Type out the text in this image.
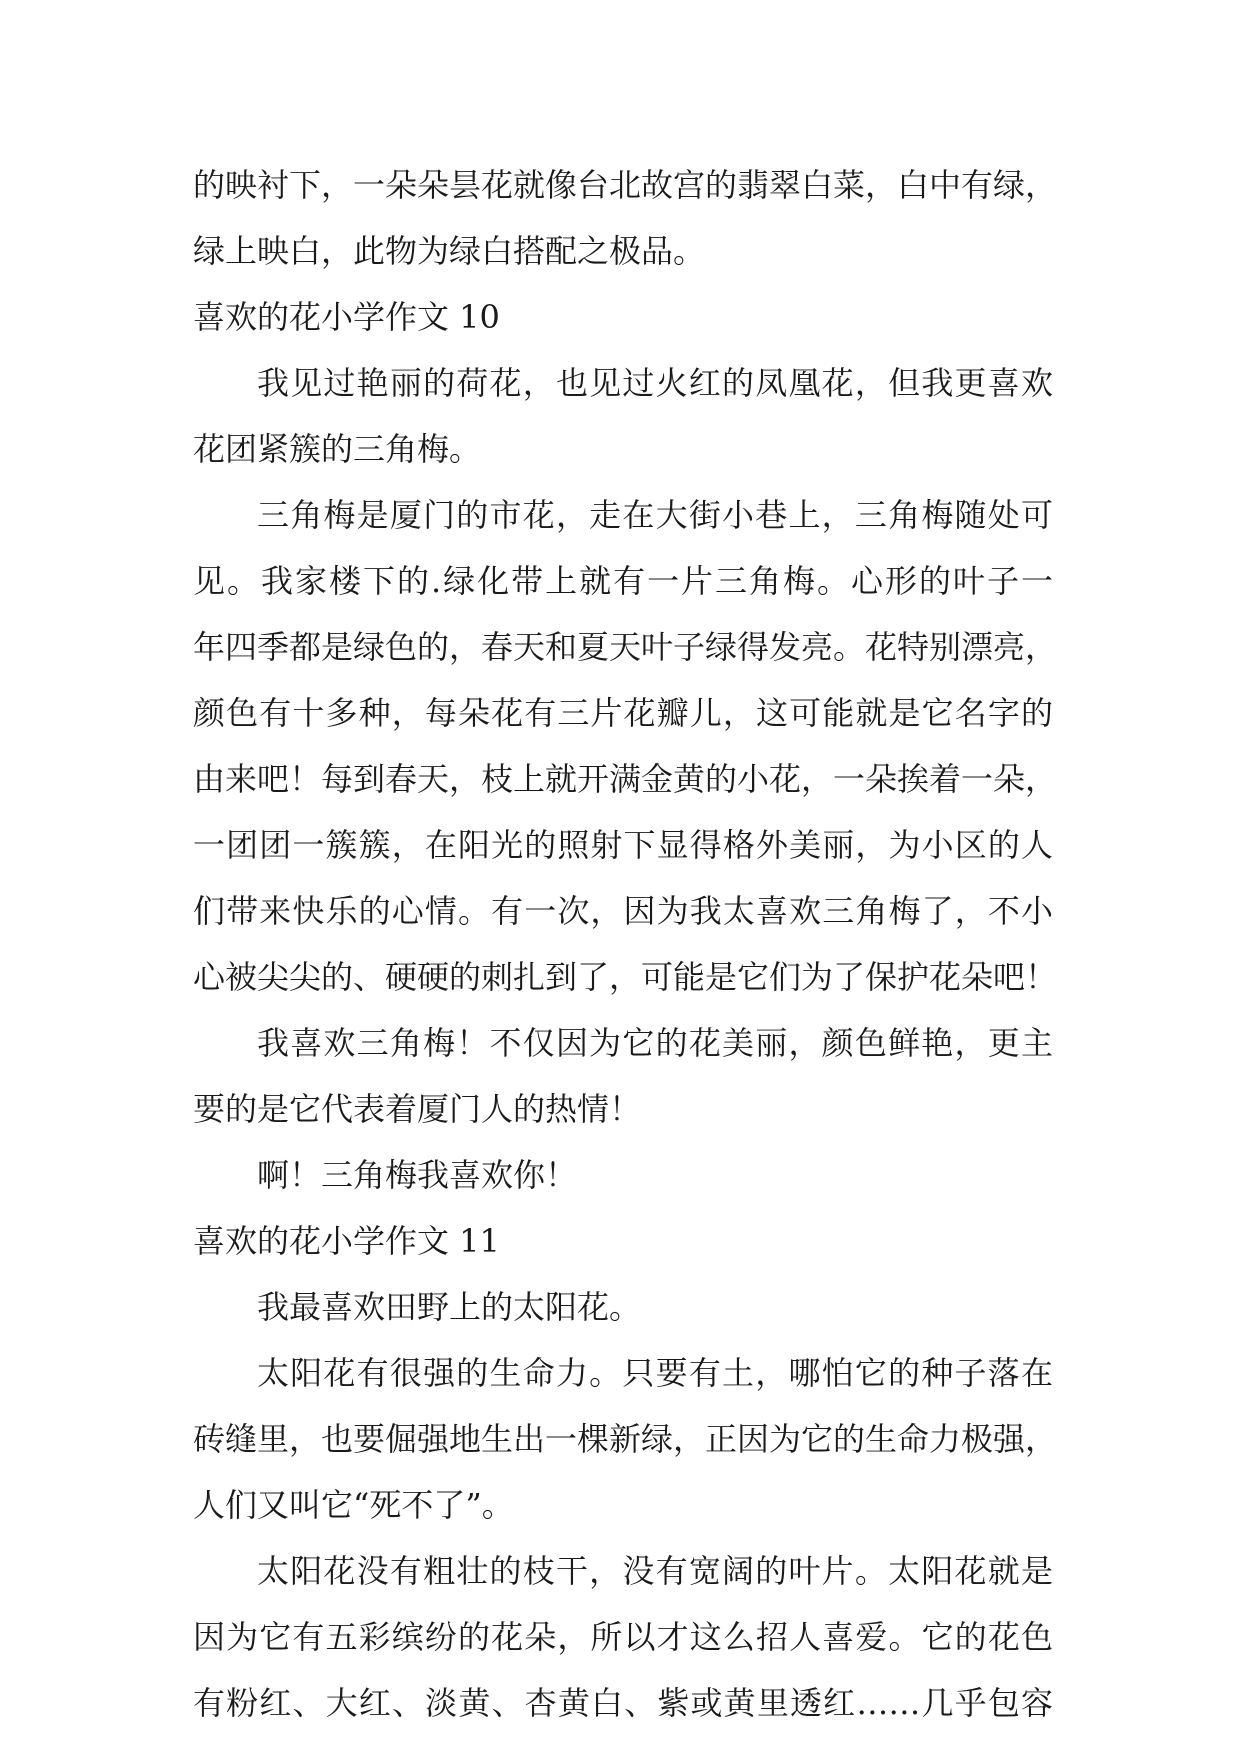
的映衬下，一朵朵昙花就像台北故宫的翡翠白菜，白中有绿，
绿上映白，此物为绿白搭配之极品。
喜欢的花小学作文 10
我见过艳丽的荷花，也见过火红的凤凰花，但我更喜欢
花团紧簇的三角梅。
三角梅是厦门的市花，走在大街小巷上，三角梅随处可
见。我家楼下的.绿化带上就有一片三角梅。心形的叶子一
年四季都是绿色的，春天和夏天叶子绿得发亮。花特别漂亮，
颜色有十多种，每朵花有三片花瓣儿，这可能就是它名字的
由来吧！每到春天，枝上就开满金黄的小花，一朵挨着一朵，
一团团一簇簇，在阳光的照射下显得格外美丽，为小区的人
们带来快乐的心情。有一次，因为我太喜欢三角梅了，不小
心被尖尖的、硬硬的刺扎到了，可能是它们为了保护花朵吧！
我喜欢三角梅！不仅因为它的花美丽，颜色鲜艳，更主
要的是它代表着厦门人的热情！
啊！三角梅我喜欢你！
喜欢的花小学作文 11
我最喜欢田野上的太阳花。
太阳花有很强的生命力。只要有土，哪怕它的种子落在
砖缝里，也要倔强地生出一棵新绿，正因为它的生命力极强，
人们又叫它“死不了”。
太阳花没有粗壮的枝干，没有宽阔的叶片。太阳花就是
因为它有五彩缤纷的花朵，所以才这么招人喜爱。它的花色
有粉红、大红、淡黄、杏黄白、紫或黄里透红……几乎包容
